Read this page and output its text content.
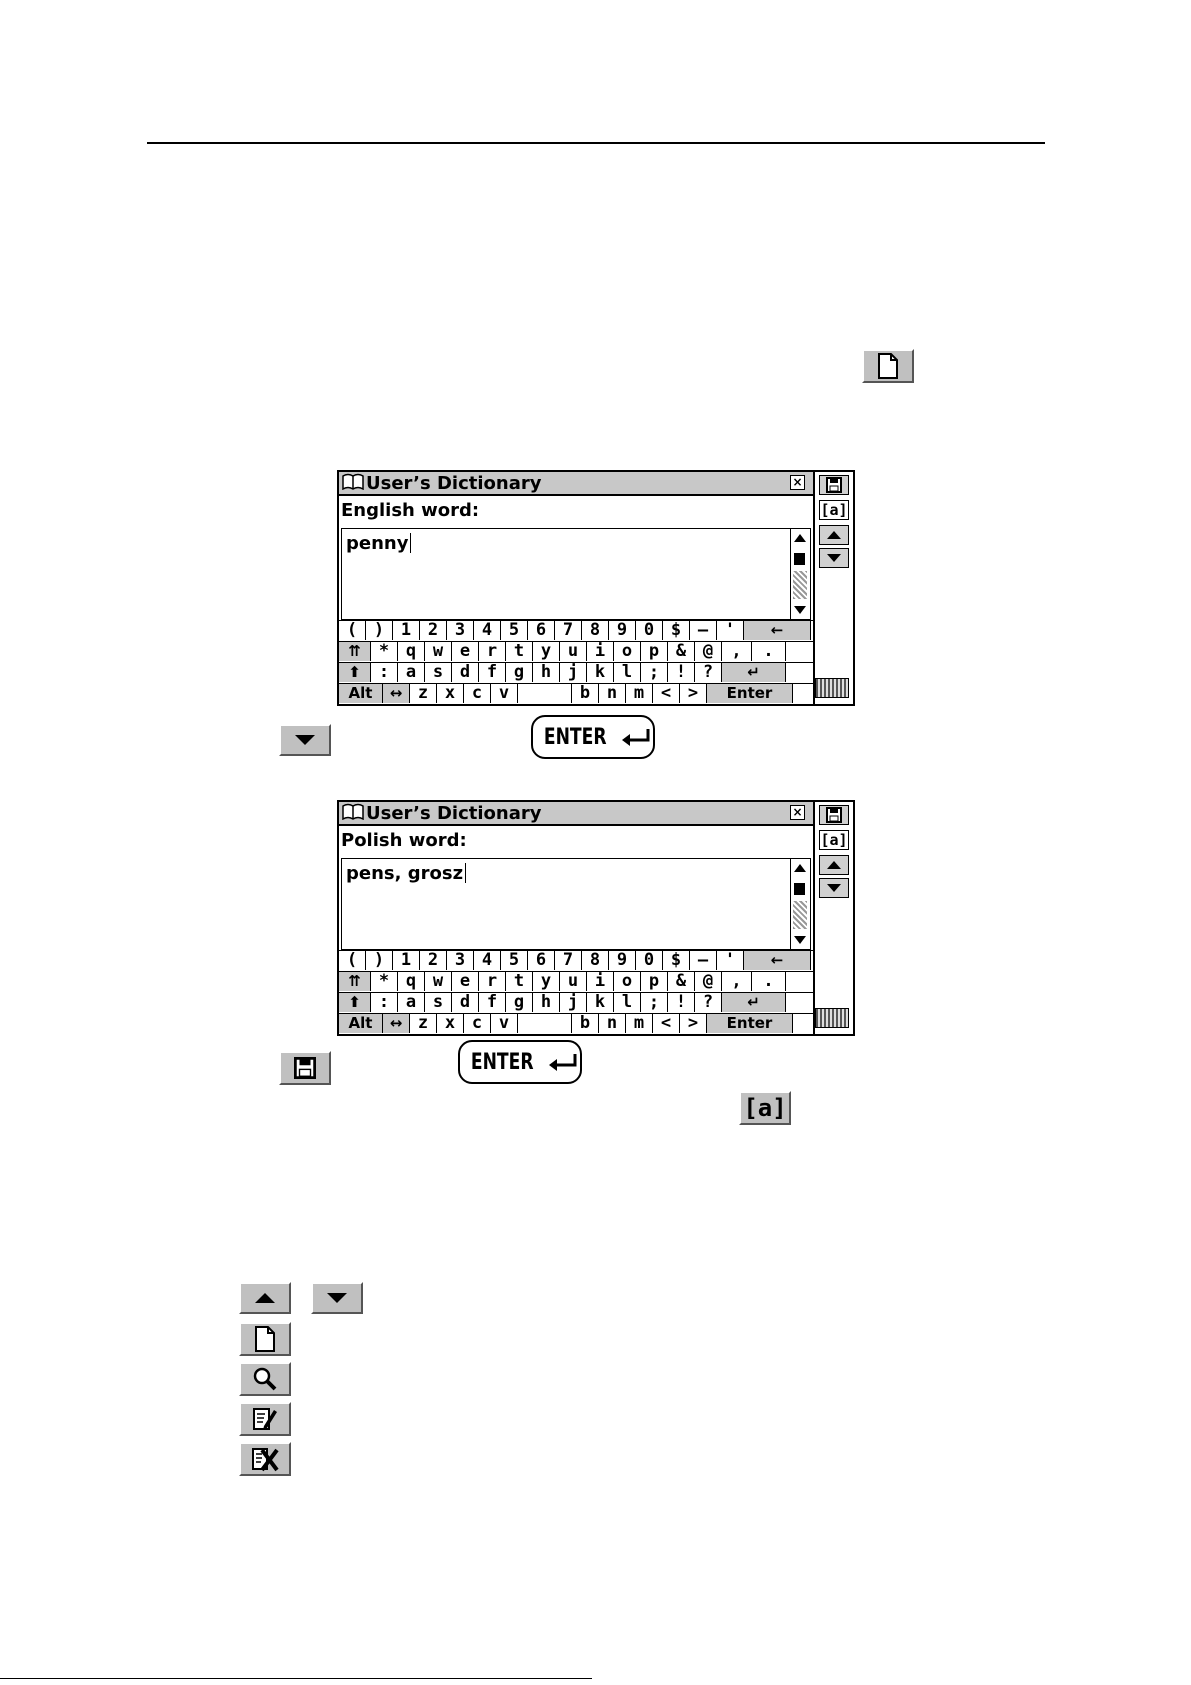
User’s Dictionary	×
English word:
penny
( ) 1 2 3 4 5 6 7 8 9 0 $ – '	←
⇈	* q w e r t y u i o p & @	,	.
⬆	: a s d f g h j k l ; ! ?	↵
Alt	↔ z x c v	b n m < >	Enter
[a]
ENTER
User’s Dictionary	×
Polish word:
pens, grosz
( ) 1 2 3 4 5 6 7 8 9 0 $ – '	←
⇈	* q w e r t y u i o p & @	,	.
⬆	: a s d f g h j k l ; ! ?	↵
Alt	↔ z x c v	b n m < >	Enter
[a]
ENTER
[a]
